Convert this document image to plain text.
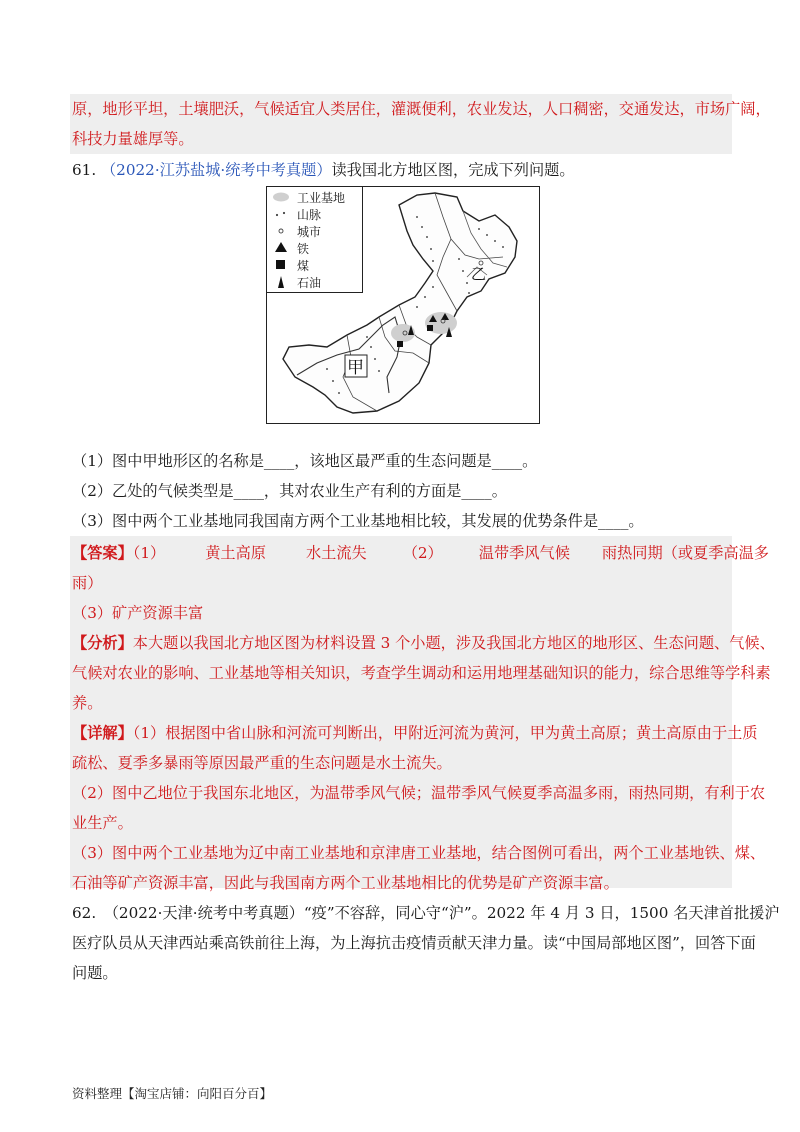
原，地形平坦，土壤肥沃，气候适宜人类居住，灌溉便利，农业发达，人口稠密，交通发达，市场广阔，
科技力量雄厚等。
61. （2022·江苏盐城·统考中考真题）读我国北方地区图，完成下列问题。
工业基地
山脉
城市
铁
煤
石油
甲
乙
（1）图中甲地形区的名称是____，该地区最严重的生态问题是____。
（2）乙处的气候类型是____，其对农业生产有利的方面是____。
（3）图中两个工业基地同我国南方两个工业基地相比较，其发展的优势条件是____。
【答案】（1）	黄土高原	水土流失 （2） 温带季风气候 雨热同期（或夏季高温多
雨）
（3）矿产资源丰富
【分析】本大题以我国北方地区图为材料设置 3 个小题，涉及我国北方地区的地形区、生态问题、气候、
气候对农业的影响、工业基地等相关知识，考查学生调动和运用地理基础知识的能力，综合思维等学科素
养。
【详解】（1）根据图中省山脉和河流可判断出，甲附近河流为黄河，甲为黄土高原；黄土高原由于土质
疏松、夏季多暴雨等原因最严重的生态问题是水土流失。
（2）图中乙地位于我国东北地区，为温带季风气候；温带季风气候夏季高温多雨，雨热同期，有利于农
业生产。
（3）图中两个工业基地为辽中南工业基地和京津唐工业基地，结合图例可看出，两个工业基地铁、煤、
石油等矿产资源丰富，因此与我国南方两个工业基地相比的优势是矿产资源丰富。
62.　（2022·天津·统考中考真题）“疫”不容辞，同心守“沪”。2022 年 4 月 3 日，1500 名天津首批援沪
医疗队员从天津西站乘高铁前往上海，为上海抗击疫情贡献天津力量。读“中国局部地区图”，回答下面
问题。
资料整理【淘宝店铺：向阳百分百】
